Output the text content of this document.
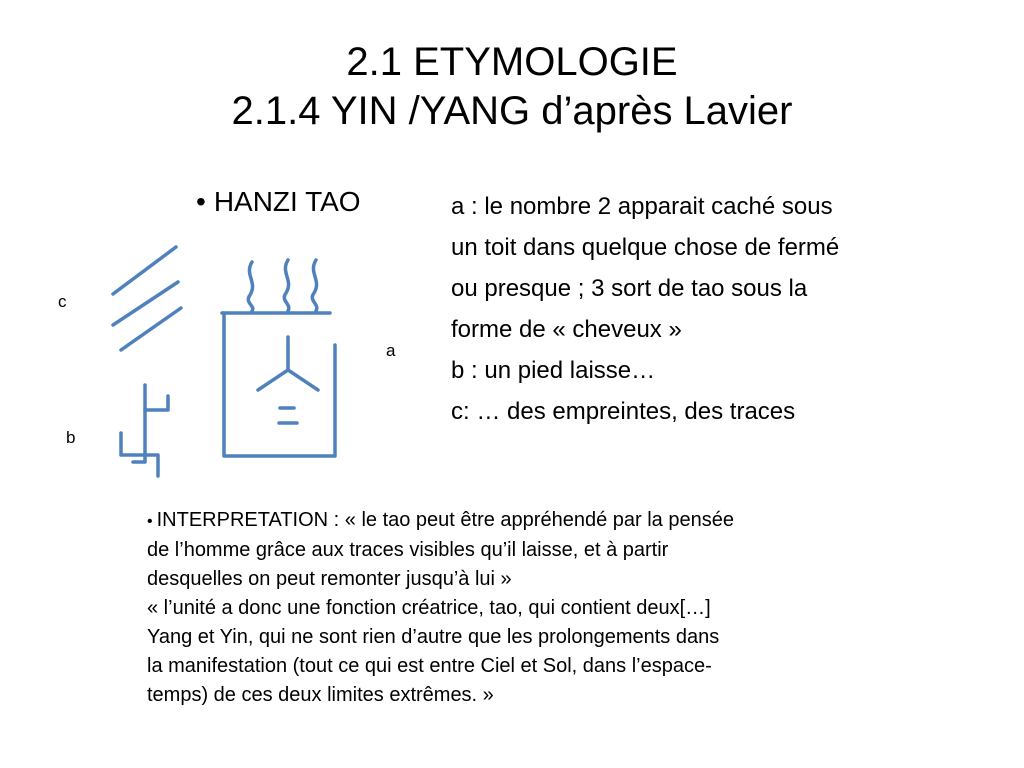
2.1 ETYMOLOGIE
2.1.4 YIN /YANG d’après Lavier
• HANZI TAO
c
a
b
a : le nombre 2 apparait caché sous
un toit dans quelque chose de fermé
ou presque ; 3 sort de tao sous la
forme de « cheveux »
b : un pied laisse…
c: … des empreintes, des traces
• INTERPRETATION : « le tao peut être appréhendé par la pensée
de l’homme grâce aux traces visibles qu’il laisse, et à partir
desquelles on peut remonter jusqu’à lui »
« l’unité a donc une fonction créatrice, tao, qui contient deux[…]
Yang et Yin, qui ne sont rien d’autre que les prolongements dans
la manifestation (tout ce qui est entre Ciel et Sol, dans l’espace-
temps) de ces deux limites extrêmes. »
